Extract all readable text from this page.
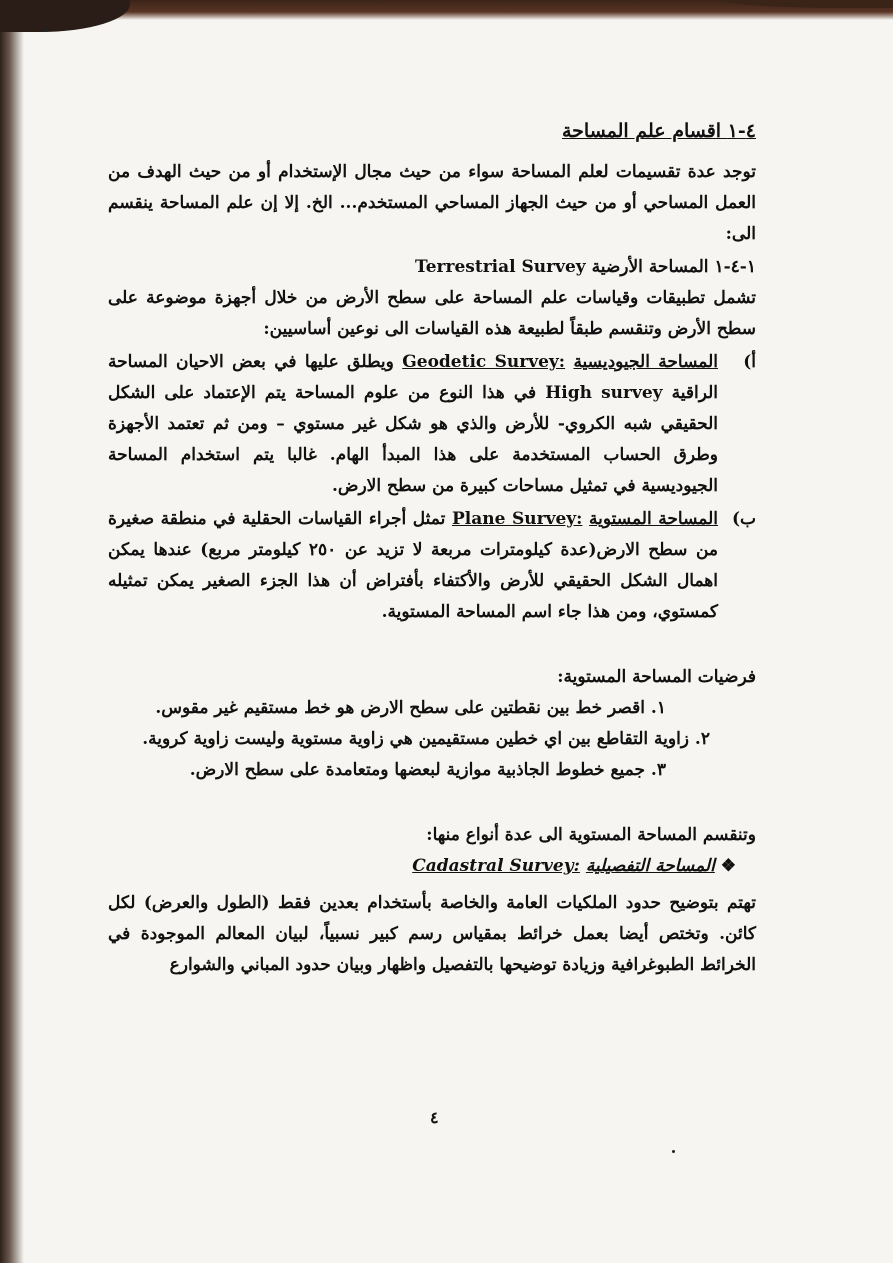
٤-١ اقسام علم المساحة

توجد عدة تقسيمات لعلم المساحة سواء من حيث مجال الإستخدام أو من حيث الهدف من العمل المساحي أو من حيث الجهاز المساحي المستخدم... الخ. إلا إن علم المساحة ينقسم الى:

١-٤-١ المساحة الأرضية Terrestrial Survey

تشمل تطبيقات وقياسات علم المساحة على سطح الأرض من خلال أجهزة موضوعة على سطح الأرض وتنقسم طبقاً لطبيعة هذه القياسات الى نوعين أساسيين:

أ)
المساحة الجيوديسية Geodetic Survey: ويطلق عليها في بعض الاحيان المساحة الراقية High survey في هذا النوع من علوم المساحة يتم الإعتماد على الشكل الحقيقي شبه الكروي- للأرض والذي هو شكل غير مستوي – ومن ثم تعتمد الأجهزة وطرق الحساب المستخدمة على هذا المبدأ الهام. غالبا يتم استخدام المساحة الجيوديسية في تمثيل مساحات كبيرة من سطح الارض.

ب)
المساحة المستوية Plane Survey: تمثل أجراء القياسات الحقلية في منطقة صغيرة من سطح الارض(عدة كيلومترات مربعة لا تزيد عن ٢٥٠ كيلومتر مربع) عندها يمكن اهمال الشكل الحقيقي للأرض والأكتفاء بأفتراض أن هذا الجزء الصغير يمكن تمثيله كمستوي، ومن هذا جاء اسم المساحة المستوية.

فرضيات المساحة المستوية:

١. اقصر خط بين نقطتين على سطح الارض هو خط مستقيم غير مقوس.

٢. زاوية التقاطع بين اي خطين مستقيمين هي زاوية مستوية وليست زاوية كروية.

٣. جميع خطوط الجاذبية موازية لبعضها ومتعامدة على سطح الارض.

وتنقسم المساحة المستوية الى عدة أنواع منها:

❖ المساحة التفصيلية Cadastral Survey:

تهتم بتوضيح حدود الملكيات العامة والخاصة بأستخدام بعدين فقط (الطول والعرض) لكل كائن. وتختص أيضا بعمل خرائط بمقياس رسم كبير نسبياً، لبيان المعالم الموجودة في الخرائط الطبوغرافية وزيادة توضيحها بالتفصيل واظهار وبيان حدود المباني والشوارع

٤
